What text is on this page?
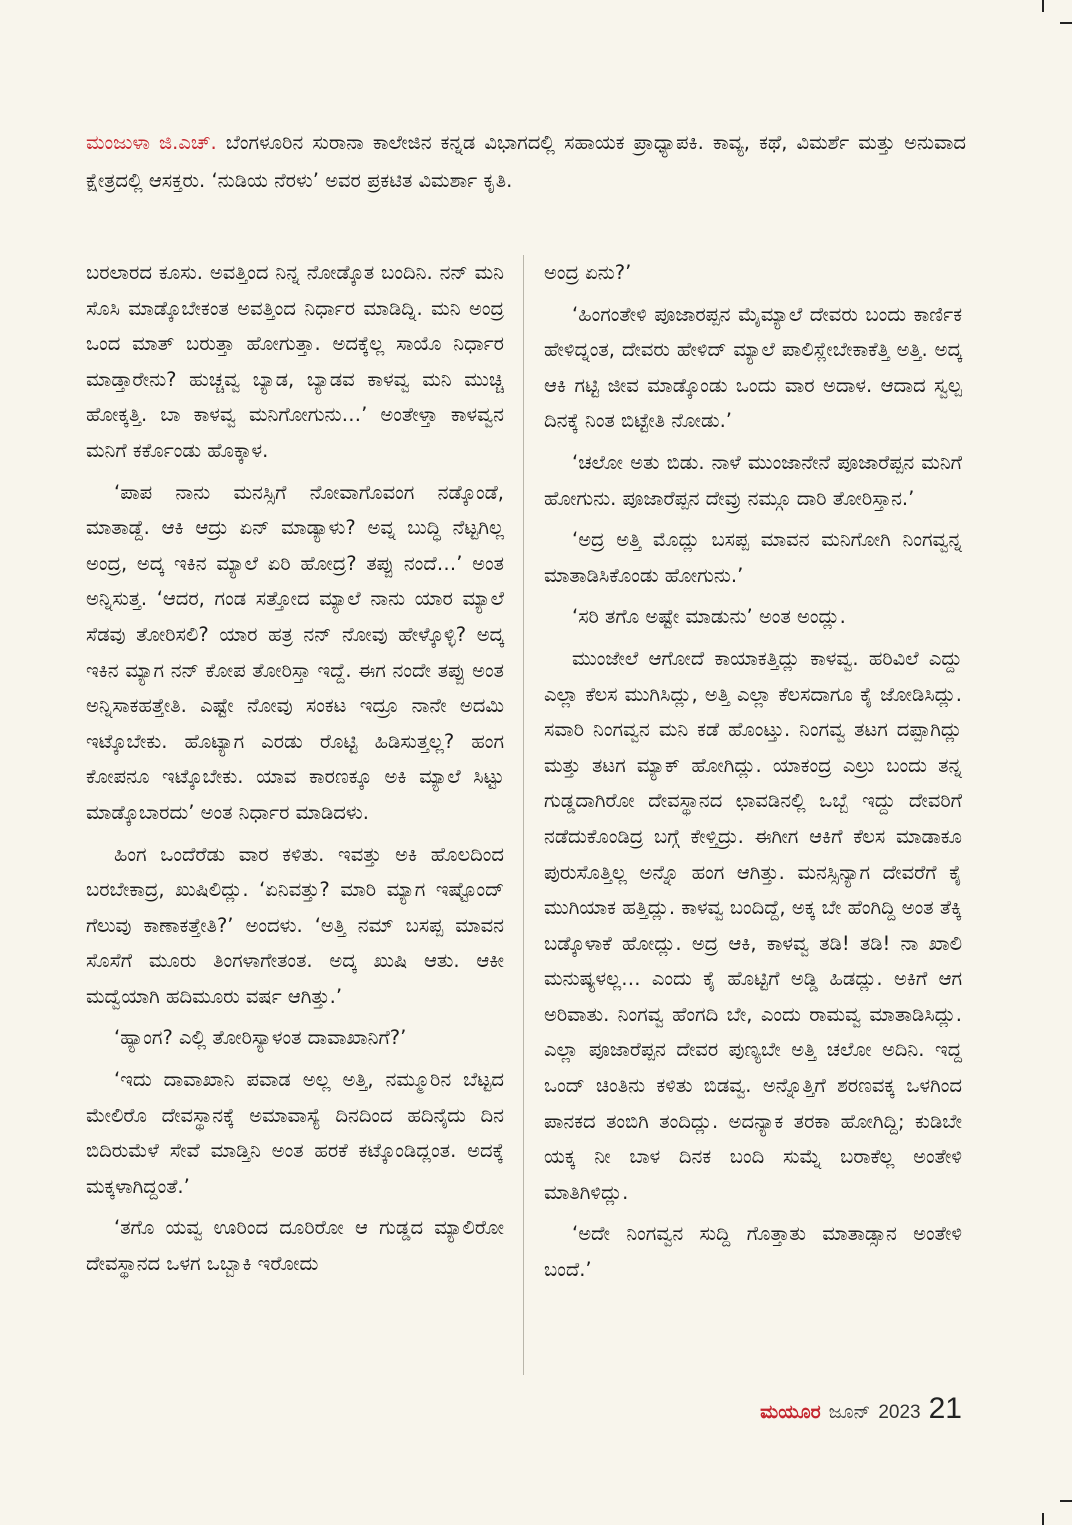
ಮಂಜುಳಾ ಜಿ.ಎಚ್. ಬೆಂಗಳೂರಿನ ಸುರಾನಾ ಕಾಲೇಜಿನ ಕನ್ನಡ ವಿಭಾಗದಲ್ಲಿ ಸಹಾಯಕ ಪ್ರಾಧ್ಯಾಪಕಿ. ಕಾವ್ಯ, ಕಥೆ, ವಿಮರ್ಶೆ ಮತ್ತು ಅನುವಾದ ಕ್ಷೇತ್ರದಲ್ಲಿ ಆಸಕ್ತರು. ‘ನುಡಿಯ ನೆರಳು’ ಅವರ ಪ್ರಕಟಿತ ವಿಮರ್ಶಾ ಕೃತಿ.

ಬರಲಾರದ ಕೂಸು. ಅವತ್ತಿಂದ ನಿನ್ನ ನೋಡ್ಕೊತ ಬಂದಿನಿ. ನನ್ ಮನಿ ಸೊಸಿ ಮಾಡ್ಕೊಬೇಕಂತ ಅವತ್ತಿಂದ ನಿರ್ಧಾರ ಮಾಡಿದ್ನಿ. ಮನಿ ಅಂದ್ರ ಒಂದ ಮಾತ್ ಬರುತ್ತಾ ಹೋಗುತ್ತಾ. ಅದಕ್ಕೆಲ್ಲ ಸಾಯೊ ನಿರ್ಧಾರ ಮಾಡ್ತಾರೇನು? ಹುಚ್ಚವ್ವ ಬ್ಯಾಡ, ಬ್ಯಾಡವ ಕಾಳವ್ವ ಮನಿ ಮುಚ್ಚಿ ಹೋಕ್ಕತ್ತಿ. ಬಾ ಕಾಳವ್ವ ಮನಿಗೋಗುನು…’ ಅಂತೇಳ್ತಾ ಕಾಳವ್ವನ ಮನಿಗೆ ಕರ್ಕೊಂಡು ಹೊಕ್ಕಾಳ.

‘ಪಾಪ ನಾನು ಮನಸ್ಸಿಗೆ ನೋವಾಗೊವಂಗ ನಡ್ಕೊಂಡೆ, ಮಾತಾಡ್ದೆ. ಆಕಿ ಆದ್ರು ಏನ್ ಮಾಡ್ಯಾಳು? ಅವ್ನ ಬುದ್ಧಿ ನೆಟ್ಟಗಿಲ್ಲ ಅಂದ್ರ, ಅದ್ಕ ಇಕಿನ ಮ್ಯಾಲೆ ಏರಿ ಹೋದ್ರ? ತಪ್ಪು ನಂದೆ…’ ಅಂತ ಅನ್ನಿಸುತ್ತ. ‘ಆದರ, ಗಂಡ ಸತ್ತೋದ ಮ್ಯಾಲೆ ನಾನು ಯಾರ ಮ್ಯಾಲೆ ಸೆಡವು ತೋರಿಸಲಿ? ಯಾರ ಹತ್ರ ನನ್ ನೋವು ಹೇಳ್ಕೊಳ್ಳಿ? ಅದ್ಕ ಇಕಿನ ಮ್ಯಾಗ ನನ್ ಕೋಪ ತೋರಿಸ್ತಾ ಇದ್ದೆ. ಈಗ ನಂದೇ ತಪ್ಪು ಅಂತ ಅನ್ನಿಸಾಕಹತ್ತೇತಿ. ಎಷ್ಟೇ ನೋವು ಸಂಕಟ ಇದ್ರೂ ನಾನೇ ಅದಮಿ ಇಟ್ಕೊಬೇಕು. ಹೊಟ್ಯಾಗ ಎರಡು ರೊಟ್ಟಿ ಹಿಡಿಸುತ್ತಲ್ಲ? ಹಂಗ ಕೋಪನೂ ಇಟ್ಕೊಬೇಕು. ಯಾವ ಕಾರಣಕ್ಕೂ ಅಕಿ ಮ್ಯಾಲೆ ಸಿಟ್ಟು ಮಾಡ್ಕೊಬಾರದು’ ಅಂತ ನಿರ್ಧಾರ ಮಾಡಿದಳು.

ಹಿಂಗ ಒಂದೆರೆಡು ವಾರ ಕಳಿತು. ಇವತ್ತು ಅಕಿ ಹೊಲದಿಂದ ಬರಬೇಕಾದ್ರ, ಖುಷಿಲಿದ್ಲು. ‘ಏನಿವತ್ತು? ಮಾರಿ ಮ್ಯಾಗ ಇಷ್ಟೊಂದ್ ಗೆಲುವು ಕಾಣಾಕತ್ತೇತಿ?’ ಅಂದಳು. ‘ಅತ್ತಿ ನಮ್ ಬಸಪ್ಪ ಮಾವನ ಸೊಸೆಗೆ ಮೂರು ತಿಂಗಳಾಗೇತಂತ. ಅದ್ಕ ಖುಷಿ ಆತು. ಆಕೀ ಮದ್ವೆಯಾಗಿ ಹದಿಮೂರು ವರ್ಷ ಆಗಿತ್ತು.’

‘ಹ್ಯಾಂಗ? ಎಲ್ಲಿ ತೋರಿಸ್ಯಾಳಂತ ದಾವಾಖಾನಿಗೆ?’

‘ಇದು ದಾವಾಖಾನಿ ಪವಾಡ ಅಲ್ಲ ಅತ್ತಿ, ನಮ್ಮೂರಿನ ಬೆಟ್ಟದ ಮೇಲಿರೊ ದೇವಸ್ಥಾನಕ್ಕೆ ಅಮಾವಾಸ್ಯೆ ದಿನದಿಂದ ಹದಿನೈದು ದಿನ ಬಿದಿರುಮೆಳೆ ಸೇವೆ ಮಾಡ್ತಿನಿ ಅಂತ ಹರಕೆ ಕಟ್ಕೊಂಡಿದ್ಲಂತ. ಅದಕ್ಕೆ ಮಕ್ಕಳಾಗಿದ್ದಂತೆ.’

‘ತಗೊ ಯವ್ವ ಊರಿಂದ ದೂರಿರೋ ಆ ಗುಡ್ಡದ ಮ್ಯಾಲಿರೋ ದೇವಸ್ಥಾನದ ಒಳಗ ಒಬ್ಬಾಕಿ ಇರೋದು

ಅಂದ್ರ ಏನು?’

‘ಹಿಂಗಂತೇಳಿ ಪೂಜಾರಪ್ಪನ ಮೈಮ್ಯಾಲೆ ದೇವರು ಬಂದು ಕಾರ್ಣಿಕ ಹೇಳಿದ್ನಂತ, ದೇವರು ಹೇಳಿದ್ ಮ್ಯಾಲೆ ಪಾಲಿಸ್ಲೇಬೇಕಾಕೆತ್ತಿ ಅತ್ತಿ. ಅದ್ಕ ಆಕಿ ಗಟ್ಟಿ ಜೀವ ಮಾಡ್ಕೊಂಡು ಒಂದು ವಾರ ಅದಾಳ. ಆದಾದ ಸ್ವಲ್ಪ ದಿನಕ್ಕೆ ನಿಂತ ಬಿಟ್ಟೇತಿ ನೋಡು.’

‘ಚಲೋ ಅತು ಬಿಡು. ನಾಳೆ ಮುಂಜಾನೇನೆ ಪೂಜಾರೆಪ್ಪನ ಮನಿಗೆ ಹೋಗುನು. ಪೂಜಾರೆಪ್ಪನ ದೇವ್ರು ನಮ್ಗೂ ದಾರಿ ತೋರಿಸ್ತಾನ.’

‘ಅದ್ರ ಅತ್ತಿ ಮೊದ್ಲು ಬಸಪ್ಪ ಮಾವನ ಮನಿಗೋಗಿ ನಿಂಗವ್ವನ್ನ ಮಾತಾಡಿಸಿಕೊಂಡು ಹೋಗುನು.’

‘ಸರಿ ತಗೊ ಅಷ್ಟೇ ಮಾಡುನು’ ಅಂತ ಅಂದ್ಲು.

ಮುಂಜೇಲೆ ಆಗೋದೆ ಕಾಯಾಕತ್ತಿದ್ಲು ಕಾಳವ್ವ. ಹರಿವಿಲೆ ಎದ್ದು ಎಲ್ಲಾ ಕೆಲಸ ಮುಗಿಸಿದ್ಲು, ಅತ್ತಿ ಎಲ್ಲಾ ಕೆಲಸದಾಗೂ ಕೈ ಜೋಡಿಸಿದ್ಲು. ಸವಾರಿ ನಿಂಗವ್ವನ ಮನಿ ಕಡೆ ಹೊಂಟ್ತು. ನಿಂಗವ್ವ ತಟಗ ದಪ್ಪಾಗಿದ್ಲು ಮತ್ತು ತಟಗ ಮ್ಯಾಕ್ ಹೋಗಿದ್ಲು. ಯಾಕಂದ್ರ ಎಲ್ರು ಬಂದು ತನ್ನ ಗುಡ್ಡದಾಗಿರೋ ದೇವಸ್ಥಾನದ ಛಾವಡಿನಲ್ಲಿ ಒಬ್ಬೆ ಇದ್ದು ದೇವರಿಗೆ ನಡೆದುಕೊಂಡಿದ್ರ ಬಗ್ಗೆ ಕೇಳ್ತಿದ್ರು. ಈಗೀಗ ಆಕಿಗೆ ಕೆಲಸ ಮಾಡಾಕೂ ಪುರುಸೊತ್ತಿಲ್ಲ ಅನ್ನೊ ಹಂಗ ಆಗಿತ್ತು. ಮನಸ್ಸಿನ್ಯಾಗ ದೇವರೆಗೆ ಕೈ ಮುಗಿಯಾಕ ಹತ್ತಿದ್ಲು. ಕಾಳವ್ವ ಬಂದಿದ್ದೆ, ಅಕ್ಕ ಬೇ ಹೆಂಗಿದ್ದಿ ಅಂತ ತೆಕ್ಕಿ ಬಡ್ಕೊಳಾಕೆ ಹೋದ್ಲು. ಅದ್ರ ಆಕಿ, ಕಾಳವ್ವ ತಡಿ! ತಡಿ! ನಾ ಖಾಲಿ ಮನುಷ್ಯಳಲ್ಲ… ಎಂದು ಕೈ ಹೊಟ್ಟಿಗೆ ಅಡ್ಡಿ ಹಿಡದ್ಲು. ಅಕಿಗೆ ಆಗ ಅರಿವಾತು. ನಿಂಗವ್ವ ಹೆಂಗದಿ ಬೇ, ಎಂದು ರಾಮವ್ವ ಮಾತಾಡಿಸಿದ್ಲು. ಎಲ್ಲಾ ಪೂಜಾರೆಪ್ಪನ ದೇವರ ಪುಣ್ಯಬೇ ಅತ್ತಿ ಚಲೋ ಅದಿನಿ. ಇದ್ದ ಒಂದ್ ಚಿಂತಿನು ಕಳಿತು ಬಿಡವ್ವ. ಅನ್ನೊತ್ತಿಗೆ ಶರಣವಕ್ಕ ಒಳಗಿಂದ ಪಾನಕದ ತಂಬಿಗಿ ತಂದಿದ್ಲು. ಅದನ್ಯಾಕ ತರಕಾ ಹೋಗಿದ್ದಿ; ಕುಡಿಬೇ ಯಕ್ಕ ನೀ ಬಾಳ ದಿನಕ ಬಂದಿ ಸುಮ್ನೆ ಬರಾಕೆಲ್ಲ ಅಂತೇಳಿ ಮಾತಿಗಿಳಿದ್ಲು.

‘ಅದೇ ನಿಂಗವ್ವನ ಸುದ್ದಿ ಗೊತ್ತಾತು ಮಾತಾಡ್ಸಾನ ಅಂತೇಳಿ ಬಂದೆ.’

ಮಯೂರ ಜೂನ್ 2023 21
